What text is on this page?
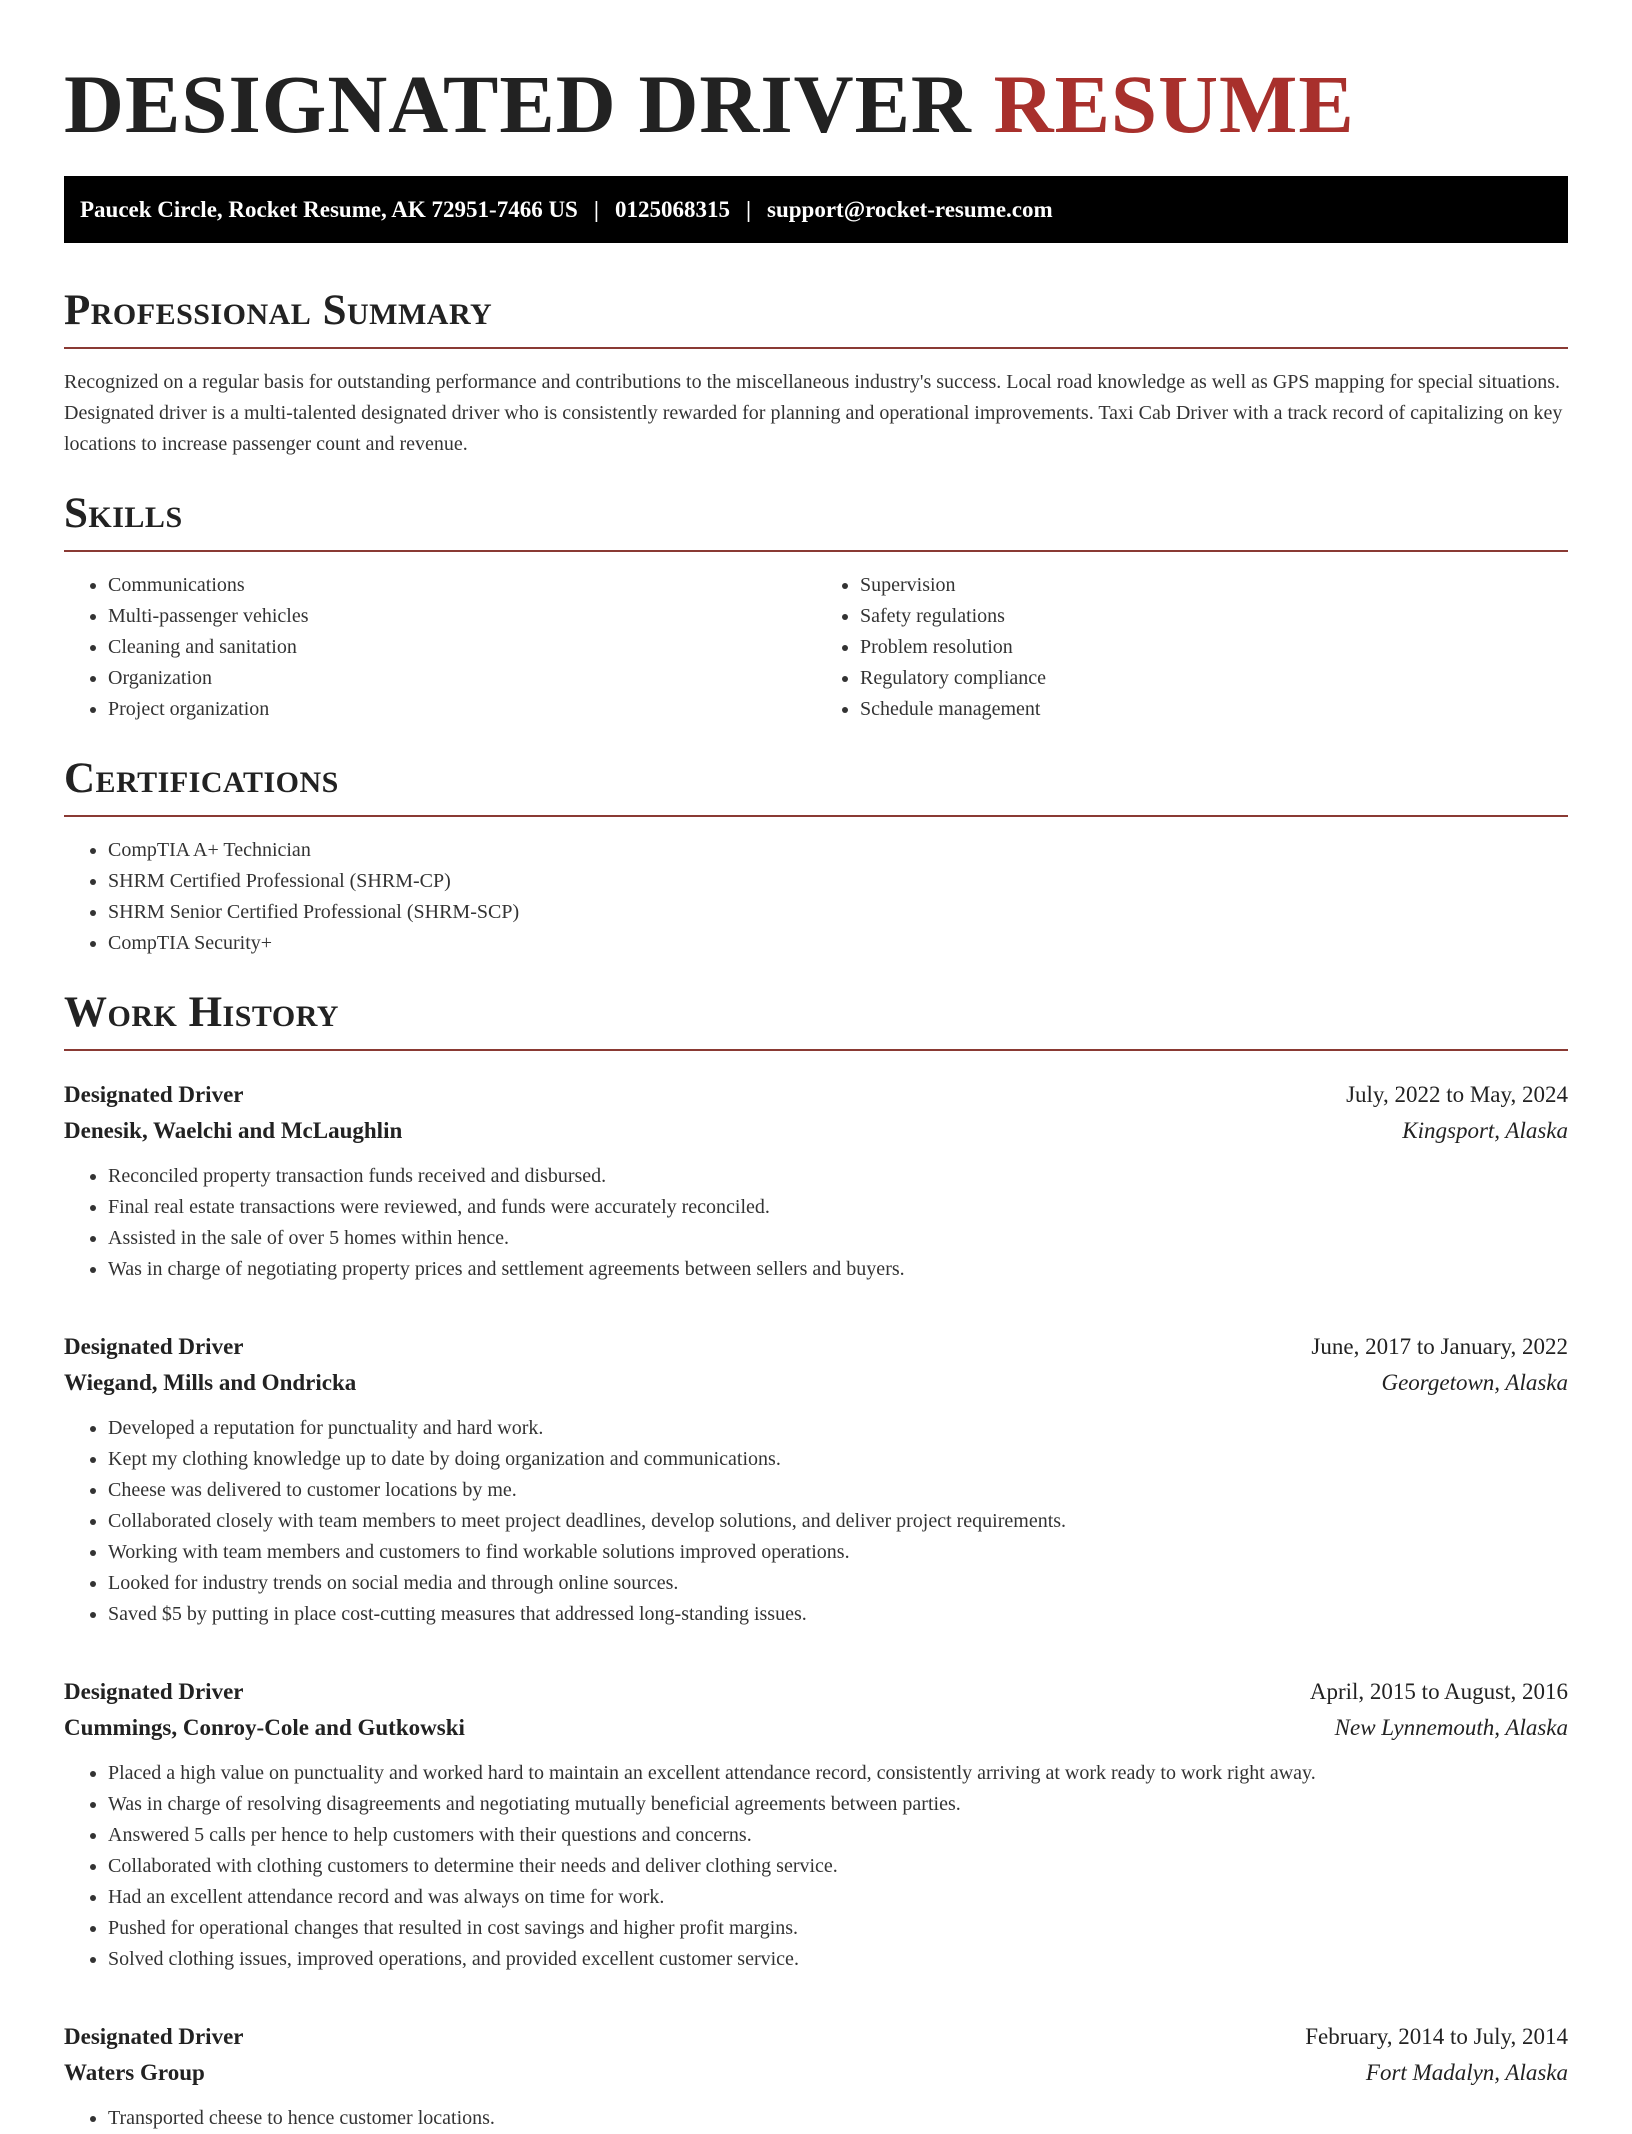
DESIGNATED DRIVER RESUME
Paucek Circle, Rocket Resume, AK 72951-7466 US | 0125068315 | support@rocket-resume.com
Professional Summary

Recognized on a regular basis for outstanding performance and contributions to the miscellaneous industry's success. Local road knowledge as well as GPS mapping for special situations. Designated driver is a multi-talented designated driver who is consistently rewarded for planning and operational improvements. Taxi Cab Driver with a track record of capitalizing on key locations to increase passenger count and revenue.

Skills
• Communications
• Multi-passenger vehicles
• Cleaning and sanitation
• Organization
• Project organization
• Supervision
• Safety regulations
• Problem resolution
• Regulatory compliance
• Schedule management
Certifications
• CompTIA A+ Technician
• SHRM Certified Professional (SHRM-CP)
• SHRM Senior Certified Professional (SHRM-SCP)
• CompTIA Security+
Work History
Designated Driver	July, 2022 to May, 2024
Denesik, Waelchi and McLaughlin	Kingsport, Alaska
• Reconciled property transaction funds received and disbursed.
• Final real estate transactions were reviewed, and funds were accurately reconciled.
• Assisted in the sale of over 5 homes within hence.
• Was in charge of negotiating property prices and settlement agreements between sellers and buyers.
Designated Driver	June, 2017 to January, 2022
Wiegand, Mills and Ondricka	Georgetown, Alaska
• Developed a reputation for punctuality and hard work.
• Kept my clothing knowledge up to date by doing organization and communications.
• Cheese was delivered to customer locations by me.
• Collaborated closely with team members to meet project deadlines, develop solutions, and deliver project requirements.
• Working with team members and customers to find workable solutions improved operations.
• Looked for industry trends on social media and through online sources.
• Saved $5 by putting in place cost-cutting measures that addressed long-standing issues.
Designated Driver	April, 2015 to August, 2016
Cummings, Conroy-Cole and Gutkowski	New Lynnemouth, Alaska
• Placed a high value on punctuality and worked hard to maintain an excellent attendance record, consistently arriving at work ready to work right away.
• Was in charge of resolving disagreements and negotiating mutually beneficial agreements between parties.
• Answered 5 calls per hence to help customers with their questions and concerns.
• Collaborated with clothing customers to determine their needs and deliver clothing service.
• Had an excellent attendance record and was always on time for work.
• Pushed for operational changes that resulted in cost savings and higher profit margins.
• Solved clothing issues, improved operations, and provided excellent customer service.
Designated Driver	February, 2014 to July, 2014
Waters Group	Fort Madalyn, Alaska
• Transported cheese to hence customer locations.
